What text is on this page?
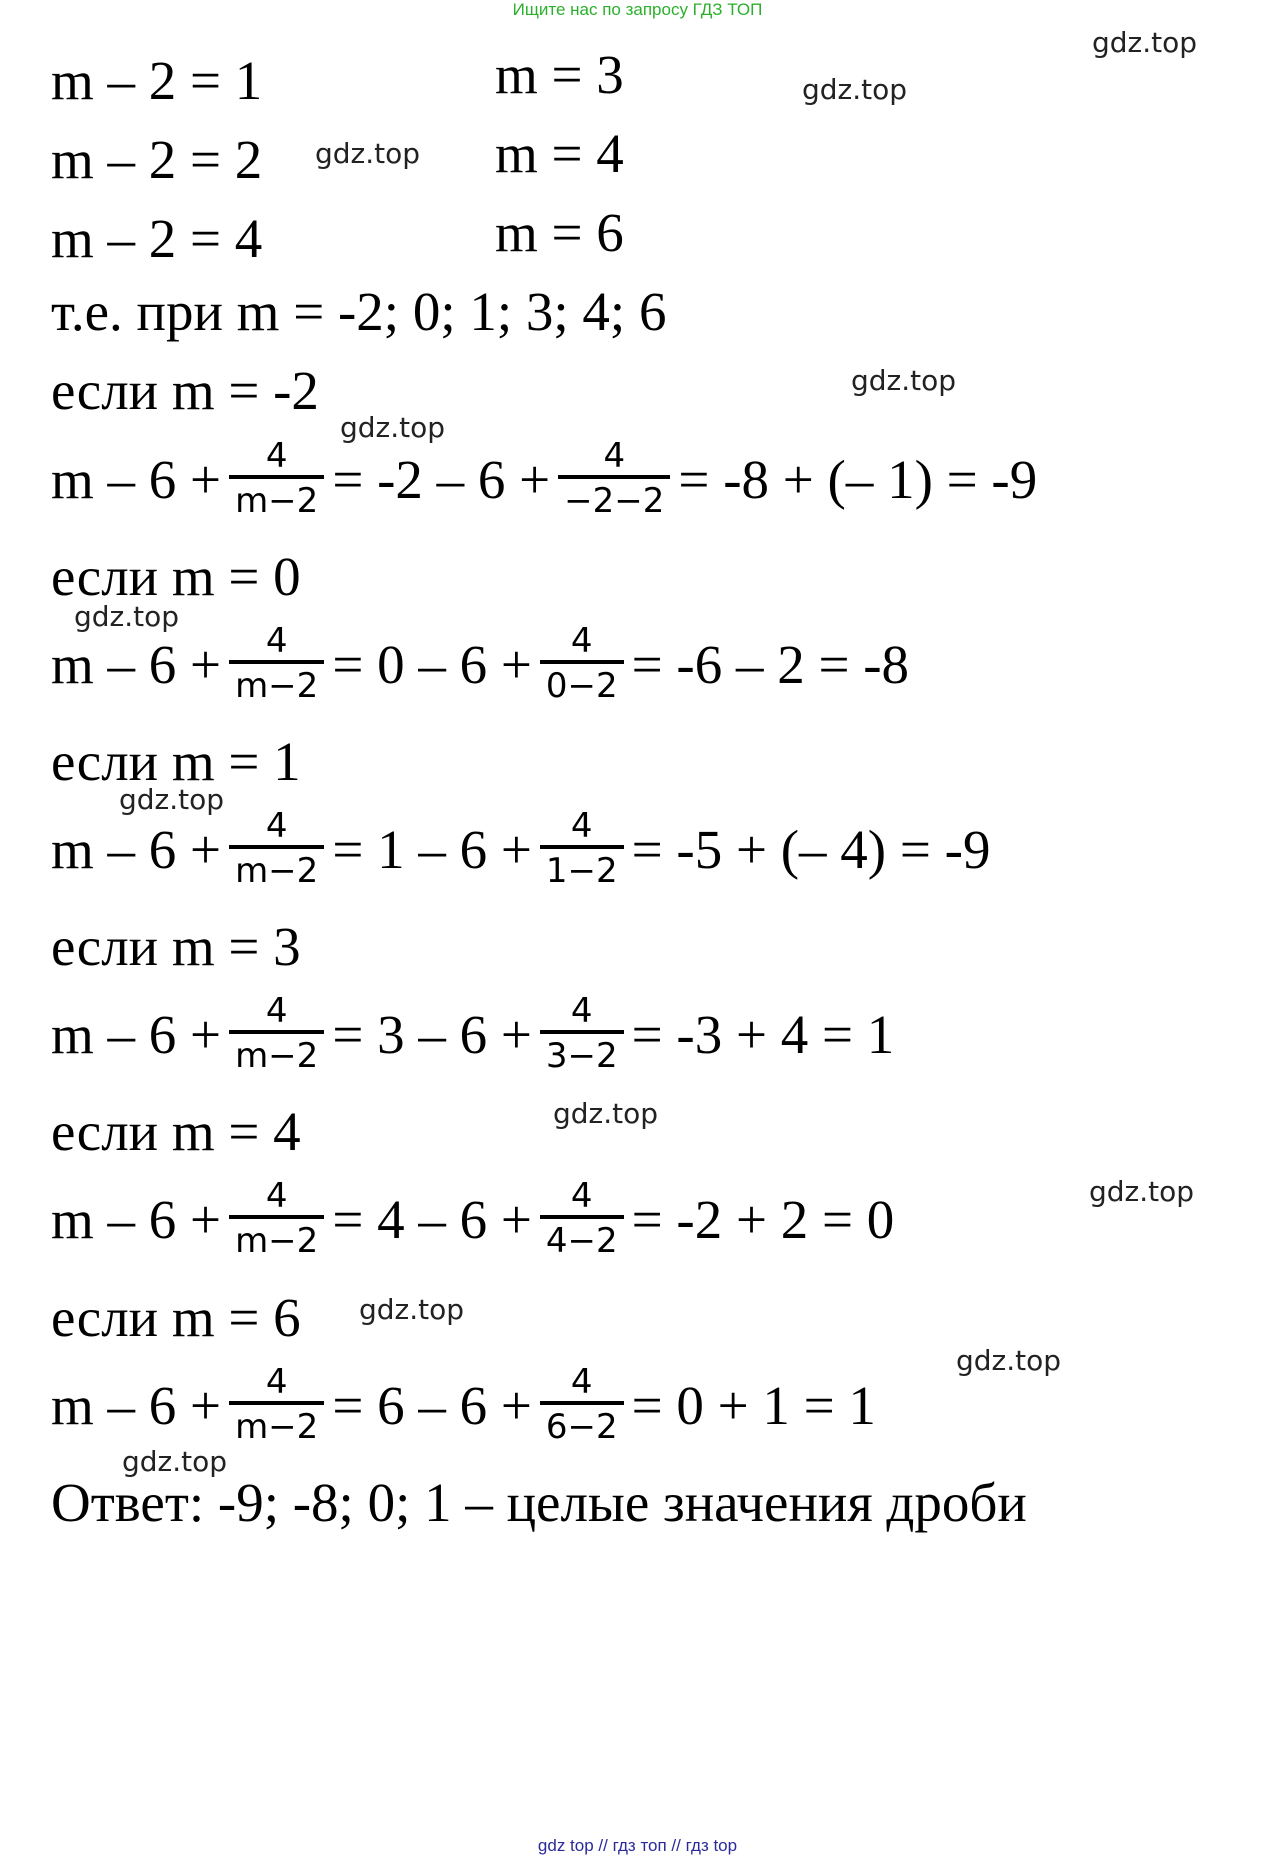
Ищите нас по запросу ГДЗ ТОП
m – 2 = 1	m = 3
m – 2 = 2	m = 4
m – 2 = 4	m = 6
т.е. при m = -2; 0; 1; 3; 4; 6
если m = -2
$m - 6 + \frac{4}{m-2} = -2 - 6 + \frac{4}{-2-2} = -8$ + (– 1) = -9
если m = 0
$m - 6 + \frac{4}{m-2} = 0 - 6 + \frac{4}{0-2} = -6 - 2 = -8$
если m = 1
$m - 6 + \frac{4}{m-2} = 1 - 6 + \frac{4}{1-2} = -5$ + (– 4) = -9
если m = 3
$m - 6 + \frac{4}{m-2} = 3 - 6 + \frac{4}{3-2} = -3 + 4 = 1$
если m = 4
$m - 6 + \frac{4}{m-2} = 4 - 6 + \frac{4}{4-2} = -2 + 2 = 0$
если m = 6
$m - 6 + \frac{4}{m-2} = 6 - 6 + \frac{4}{6-2} = 0 + 1 = 1$
Ответ: -9; -8; 0; 1 – целые значения дроби
gdz.top
gdz.top
gdz.top
gdz.top
gdz.top
gdz.top
gdz.top
gdz.top
gdz.top
gdz.top
gdz.top
gdz.top
gdz top // гдз топ // гдз top
